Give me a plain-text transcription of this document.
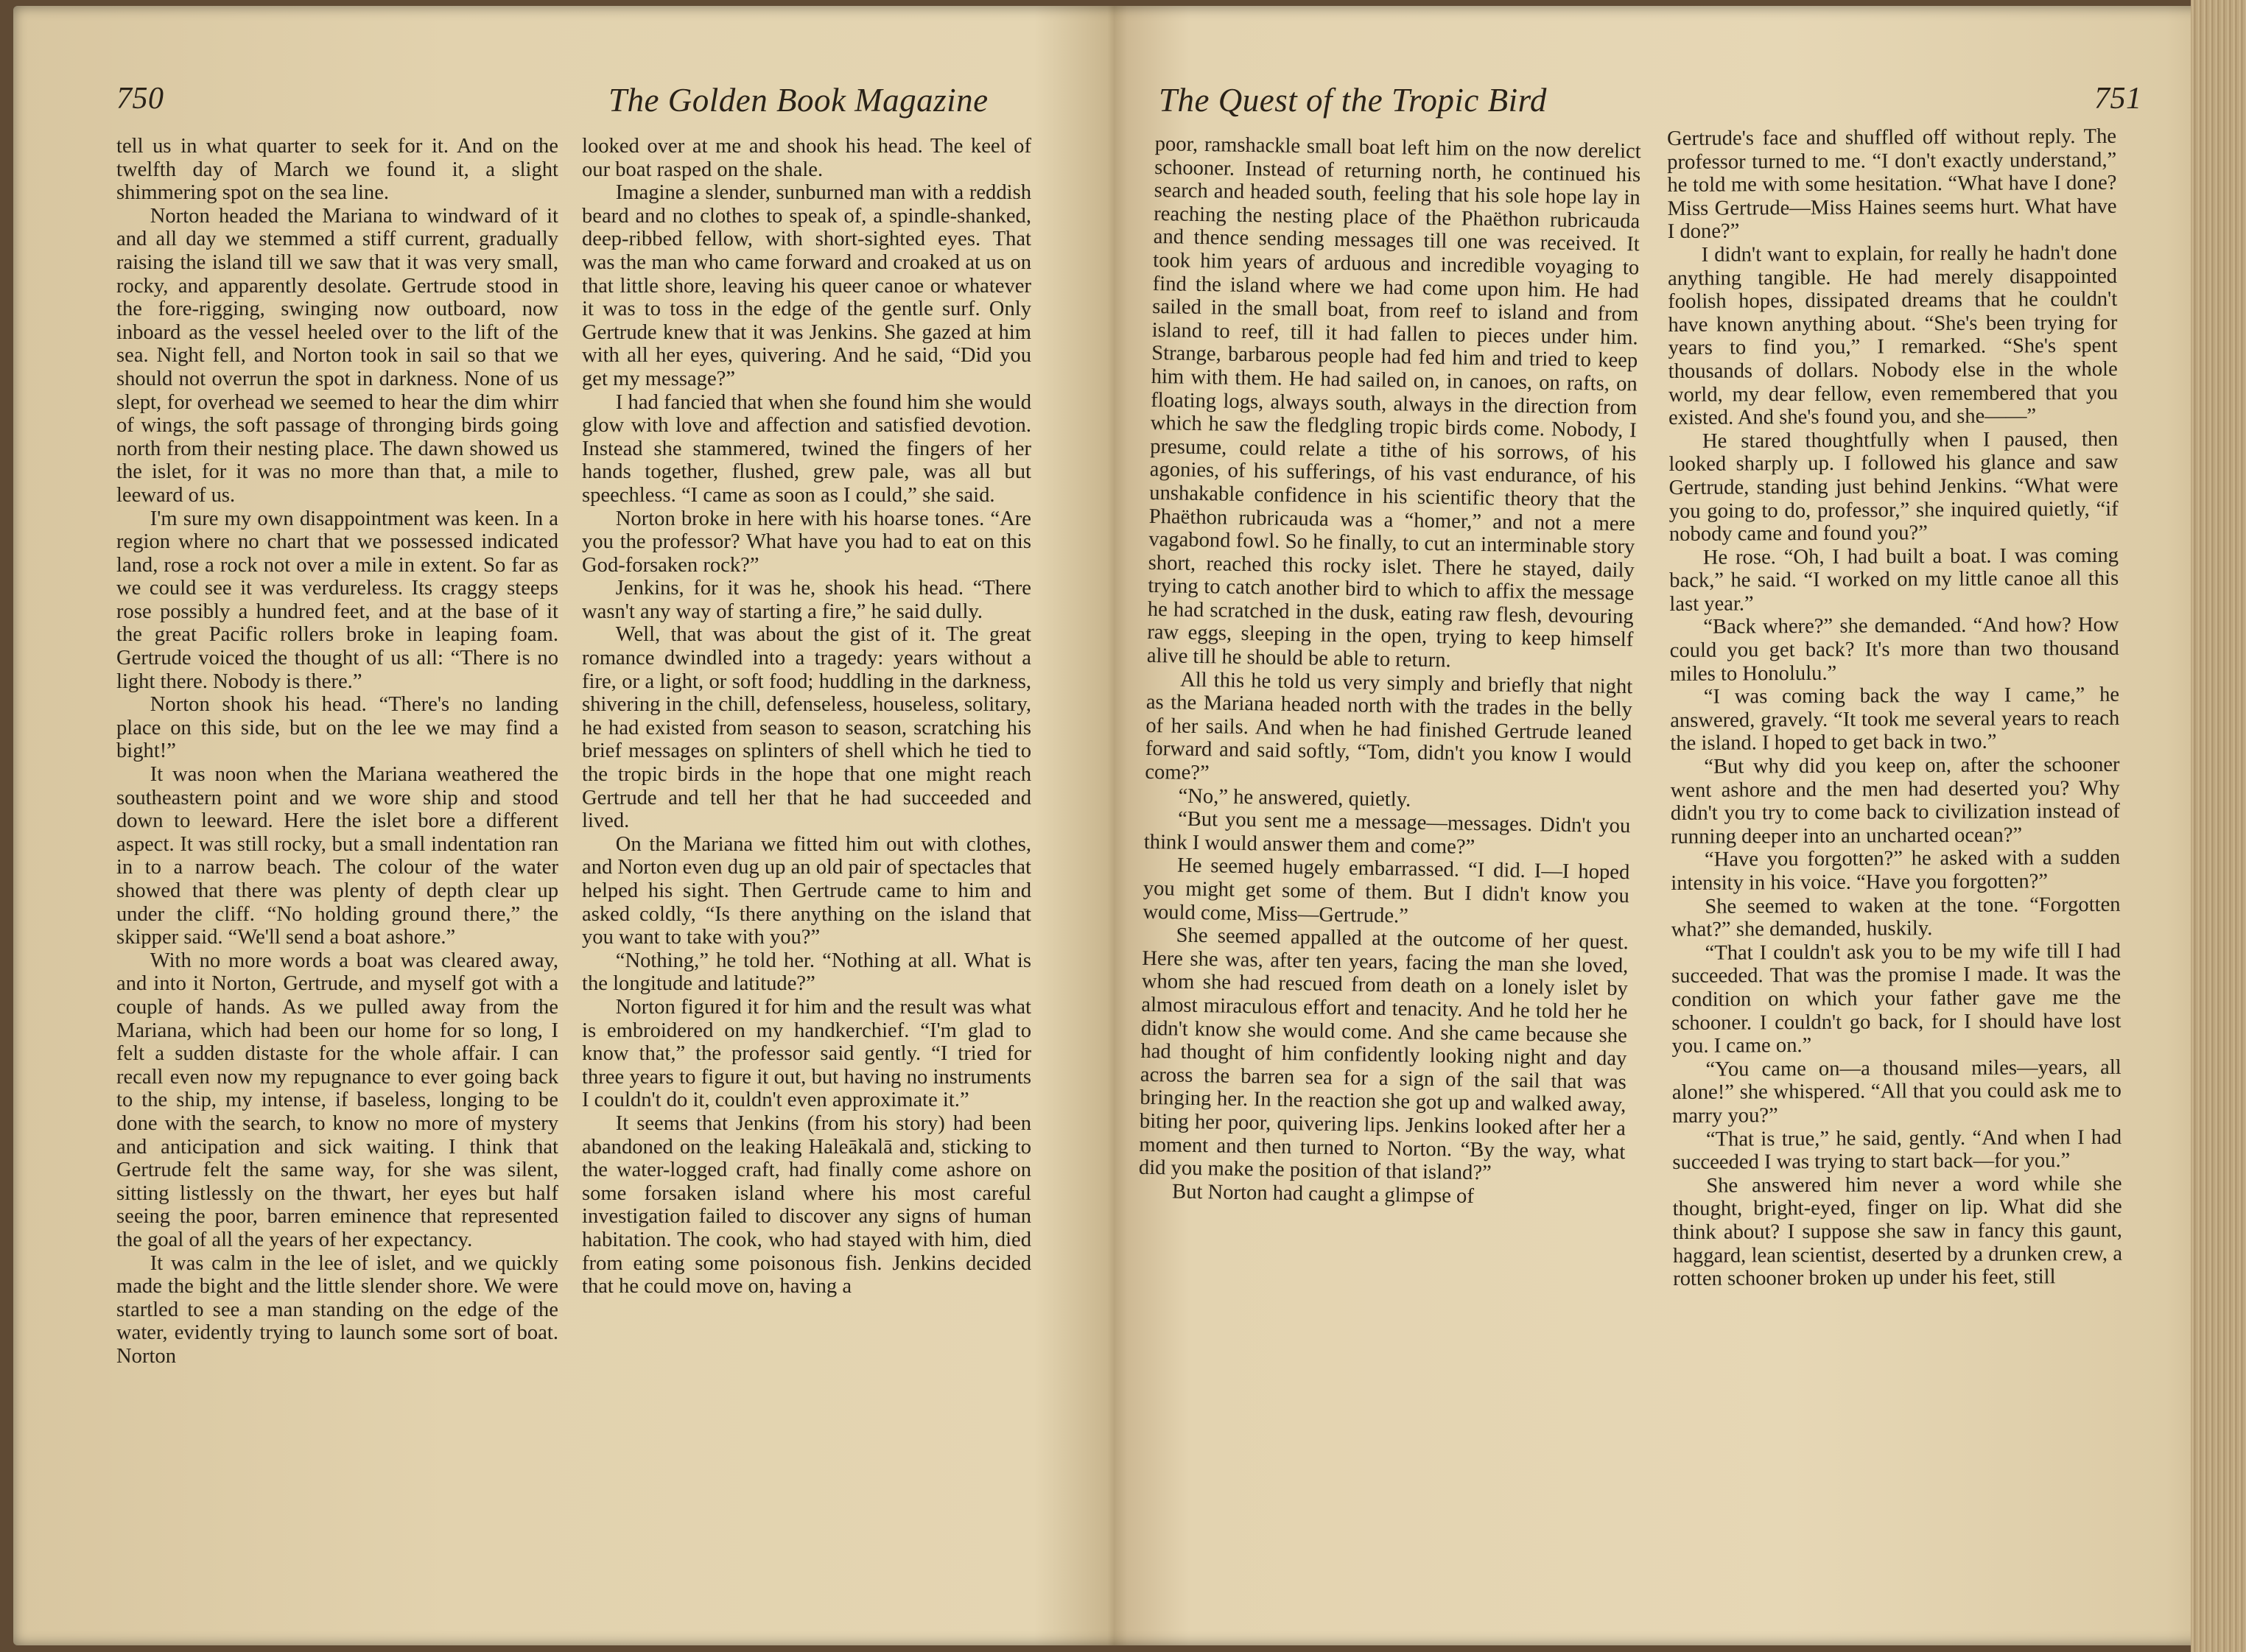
750	The Golden Book Magazine

tell us in what quarter to seek for it. And on the twelfth day of March we found it, a slight shimmering spot on the sea line.

Norton headed the Mariana to windward of it and all day we stemmed a stiff current, gradually raising the island till we saw that it was very small, rocky, and apparently desolate. Gertrude stood in the fore-rigging, swinging now outboard, now inboard as the vessel heeled over to the lift of the sea. Night fell, and Norton took in sail so that we should not overrun the spot in darkness. None of us slept, for overhead we seemed to hear the dim whirr of wings, the soft passage of thronging birds going north from their nesting place. The dawn showed us the islet, for it was no more than that, a mile to leeward of us.

I'm sure my own disappointment was keen. In a region where no chart that we possessed indicated land, rose a rock not over a mile in extent. So far as we could see it was verdureless. Its craggy steeps rose possibly a hundred feet, and at the base of it the great Pacific rollers broke in leaping foam. Gertrude voiced the thought of us all: “There is no light there. Nobody is there.”

Norton shook his head. “There's no landing place on this side, but on the lee we may find a bight!”

It was noon when the Mariana weathered the southeastern point and we wore ship and stood down to leeward. Here the islet bore a different aspect. It was still rocky, but a small indentation ran in to a narrow beach. The colour of the water showed that there was plenty of depth clear up under the cliff. “No holding ground there,” the skipper said. “We'll send a boat ashore.”

With no more words a boat was cleared away, and into it Norton, Gertrude, and myself got with a couple of hands. As we pulled away from the Mariana, which had been our home for so long, I felt a sudden distaste for the whole affair. I can recall even now my repugnance to ever going back to the ship, my intense, if baseless, longing to be done with the search, to know no more of mystery and anticipation and sick waiting. I think that Gertrude felt the same way, for she was silent, sitting listlessly on the thwart, her eyes but half seeing the poor, barren eminence that represented the goal of all the years of her expectancy.

It was calm in the lee of islet, and we quickly made the bight and the little slender shore. We were startled to see a man standing on the edge of the water, evidently trying to launch some sort of boat. Norton

looked over at me and shook his head. The keel of our boat rasped on the shale.

Imagine a slender, sunburned man with a reddish beard and no clothes to speak of, a spindle-shanked, deep-ribbed fellow, with short-sighted eyes. That was the man who came forward and croaked at us on that little shore, leaving his queer canoe or whatever it was to toss in the edge of the gentle surf. Only Gertrude knew that it was Jenkins. She gazed at him with all her eyes, quivering. And he said, “Did you get my message?”

I had fancied that when she found him she would glow with love and affection and satisfied devotion. Instead she stammered, twined the fingers of her hands together, flushed, grew pale, was all but speechless. “I came as soon as I could,” she said.

Norton broke in here with his hoarse tones. “Are you the professor? What have you had to eat on this God-forsaken rock?”

Jenkins, for it was he, shook his head. “There wasn't any way of starting a fire,” he said dully.

Well, that was about the gist of it. The great romance dwindled into a tragedy: years without a fire, or a light, or soft food; huddling in the darkness, shivering in the chill, defenseless, houseless, solitary, he had existed from season to season, scratching his brief messages on splinters of shell which he tied to the tropic birds in the hope that one might reach Gertrude and tell her that he had succeeded and lived.

On the Mariana we fitted him out with clothes, and Norton even dug up an old pair of spectacles that helped his sight. Then Gertrude came to him and asked coldly, “Is there anything on the island that you want to take with you?”

“Nothing,” he told her. “Nothing at all. What is the longitude and latitude?”

Norton figured it for him and the result was what is embroidered on my handkerchief. “I'm glad to know that,” the professor said gently. “I tried for three years to figure it out, but having no instruments I couldn't do it, couldn't even approximate it.”

It seems that Jenkins (from his story) had been abandoned on the leaking Haleākalā and, sticking to the water-logged craft, had finally come ashore on some forsaken island where his most careful investigation failed to discover any signs of human habitation. The cook, who had stayed with him, died from eating some poisonous fish. Jenkins decided that he could move on, having a

The Quest of the Tropic Bird	751

poor, ramshackle small boat left him on the now derelict schooner. Instead of returning north, he continued his search and headed south, feeling that his sole hope lay in reaching the nesting place of the Phaëthon rubricauda and thence sending messages till one was received. It took him years of arduous and incredible voyaging to find the island where we had come upon him. He had sailed in the small boat, from reef to island and from island to reef, till it had fallen to pieces under him. Strange, barbarous people had fed him and tried to keep him with them. He had sailed on, in canoes, on rafts, on floating logs, always south, always in the direction from which he saw the fledgling tropic birds come. Nobody, I presume, could relate a tithe of his sorrows, of his agonies, of his sufferings, of his vast endurance, of his unshakable confidence in his scientific theory that the Phaëthon rubricauda was a “homer,” and not a mere vagabond fowl. So he finally, to cut an interminable story short, reached this rocky islet. There he stayed, daily trying to catch another bird to which to affix the message he had scratched in the dusk, eating raw flesh, devouring raw eggs, sleeping in the open, trying to keep himself alive till he should be able to return.

All this he told us very simply and briefly that night as the Mariana headed north with the trades in the belly of her sails. And when he had finished Gertrude leaned forward and said softly, “Tom, didn't you know I would come?”

“No,” he answered, quietly.

“But you sent me a message—messages. Didn't you think I would answer them and come?”

He seemed hugely embarrassed. “I did. I—I hoped you might get some of them. But I didn't know you would come, Miss—Gertrude.”

She seemed appalled at the outcome of her quest. Here she was, after ten years, facing the man she loved, whom she had rescued from death on a lonely islet by almost miraculous effort and tenacity. And he told her he didn't know she would come. And she came because she had thought of him confidently looking night and day across the barren sea for a sign of the sail that was bringing her. In the reaction she got up and walked away, biting her poor, quivering lips. Jenkins looked after her a moment and then turned to Norton. “By the way, what did you make the position of that island?”

But Norton had caught a glimpse of

Gertrude's face and shuffled off without reply. The professor turned to me. “I don't exactly understand,” he told me with some hesitation. “What have I done? Miss Gertrude—Miss Haines seems hurt. What have I done?”

I didn't want to explain, for really he hadn't done anything tangible. He had merely disappointed foolish hopes, dissipated dreams that he couldn't have known anything about. “She's been trying for years to find you,” I remarked. “She's spent thousands of dollars. Nobody else in the whole world, my dear fellow, even remembered that you existed. And she's found you, and she——”

He stared thoughtfully when I paused, then looked sharply up. I followed his glance and saw Gertrude, standing just behind Jenkins. “What were you going to do, professor,” she inquired quietly, “if nobody came and found you?”

He rose. “Oh, I had built a boat. I was coming back,” he said. “I worked on my little canoe all this last year.”

“Back where?” she demanded. “And how? How could you get back? It's more than two thousand miles to Honolulu.”

“I was coming back the way I came,” he answered, gravely. “It took me several years to reach the island. I hoped to get back in two.”

“But why did you keep on, after the schooner went ashore and the men had deserted you? Why didn't you try to come back to civilization instead of running deeper into an uncharted ocean?”

“Have you forgotten?” he asked with a sudden intensity in his voice. “Have you forgotten?”

She seemed to waken at the tone. “Forgotten what?” she demanded, huskily.

“That I couldn't ask you to be my wife till I had succeeded. That was the promise I made. It was the condition on which your father gave me the schooner. I couldn't go back, for I should have lost you. I came on.”

“You came on—a thousand miles—years, all alone!” she whispered. “All that you could ask me to marry you?”

“That is true,” he said, gently. “And when I had succeeded I was trying to start back—for you.”

She answered him never a word while she thought, bright-eyed, finger on lip. What did she think about? I suppose she saw in fancy this gaunt, haggard, lean scientist, deserted by a drunken crew, a rotten schooner broken up under his feet, still
